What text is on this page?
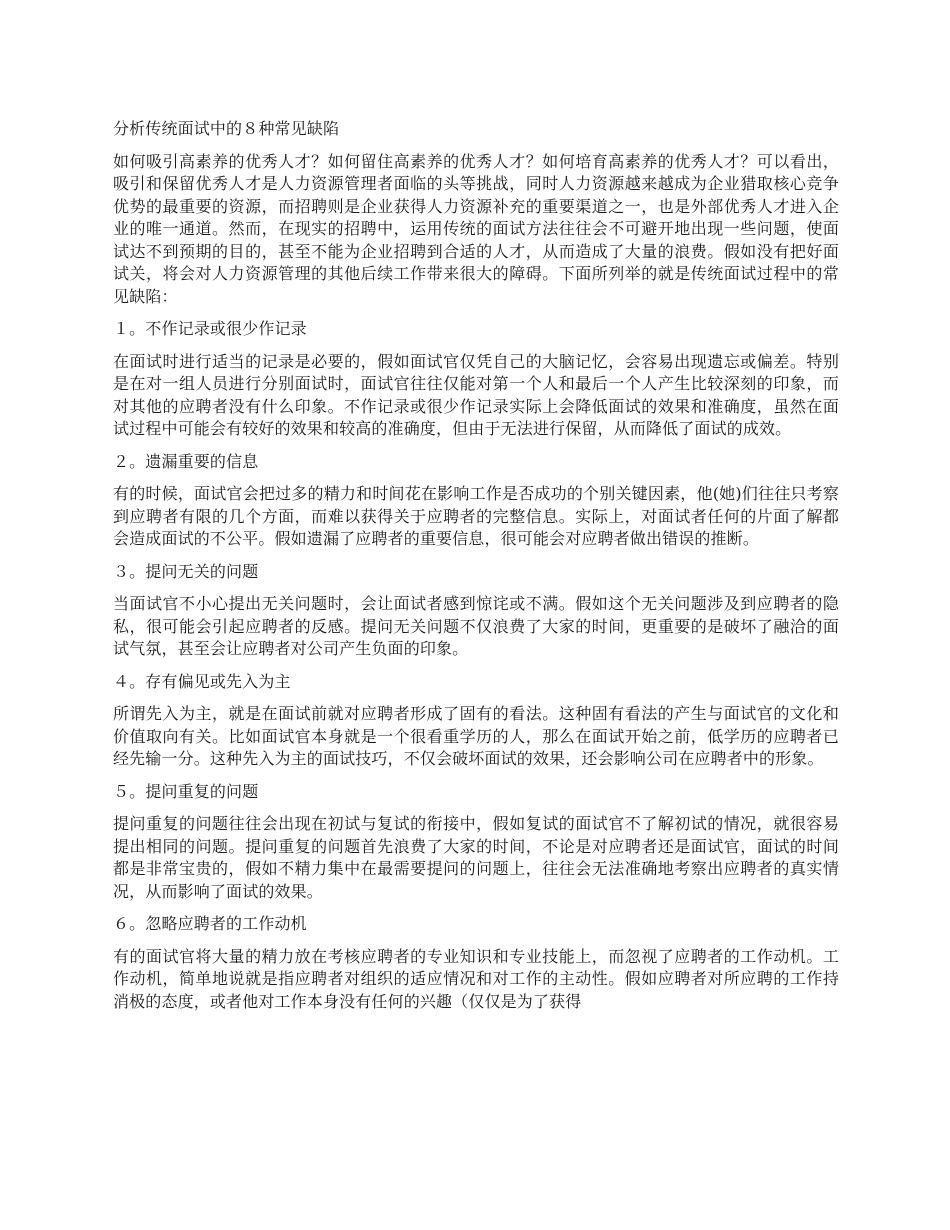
分析传统面试中的８种常见缺陷

如何吸引高素养的优秀人才？如何留住高素养的优秀人才？如何培育高素养的优秀人才？可以看出，吸引和保留优秀人才是人力资源管理者面临的头等挑战，同时人力资源越来越成为企业猎取核心竞争优势的最重要的资源，而招聘则是企业获得人力资源补充的重要渠道之一，也是外部优秀人才进入企业的唯一通道。然而，在现实的招聘中，运用传统的面试方法往往会不可避开地出现一些问题，使面试达不到预期的目的，甚至不能为企业招聘到合适的人才，从而造成了大量的浪费。假如没有把好面试关，将会对人力资源管理的其他后续工作带来很大的障碍。下面所列举的就是传统面试过程中的常见缺陷：

１。不作记录或很少作记录

在面试时进行适当的记录是必要的，假如面试官仅凭自己的大脑记忆，会容易出现遗忘或偏差。特别是在对一组人员进行分别面试时，面试官往往仅能对第一个人和最后一个人产生比较深刻的印象，而对其他的应聘者没有什么印象。不作记录或很少作记录实际上会降低面试的效果和准确度，虽然在面试过程中可能会有较好的效果和较高的准确度，但由于无法进行保留，从而降低了面试的成效。

２。遗漏重要的信息

有的时候，面试官会把过多的精力和时间花在影响工作是否成功的个别关键因素，他(她)们往往只考察到应聘者有限的几个方面，而难以获得关于应聘者的完整信息。实际上，对面试者任何的片面了解都会造成面试的不公平。假如遗漏了应聘者的重要信息，很可能会对应聘者做出错误的推断。

３。提问无关的问题

当面试官不小心提出无关问题时，会让面试者感到惊诧或不满。假如这个无关问题涉及到应聘者的隐私，很可能会引起应聘者的反感。提问无关问题不仅浪费了大家的时间，更重要的是破坏了融洽的面试气氛，甚至会让应聘者对公司产生负面的印象。

４。存有偏见或先入为主

所谓先入为主，就是在面试前就对应聘者形成了固有的看法。这种固有看法的产生与面试官的文化和价值取向有关。比如面试官本身就是一个很看重学历的人，那么在面试开始之前，低学历的应聘者已经先输一分。这种先入为主的面试技巧，不仅会破坏面试的效果，还会影响公司在应聘者中的形象。

５。提问重复的问题

提问重复的问题往往会出现在初试与复试的衔接中，假如复试的面试官不了解初试的情况，就很容易提出相同的问题。提问重复的问题首先浪费了大家的时间，不论是对应聘者还是面试官，面试的时间都是非常宝贵的，假如不精力集中在最需要提问的问题上，往往会无法准确地考察出应聘者的真实情况，从而影响了面试的效果。

６。忽略应聘者的工作动机

有的面试官将大量的精力放在考核应聘者的专业知识和专业技能上，而忽视了应聘者的工作动机。工作动机，简单地说就是指应聘者对组织的适应情况和对工作的主动性。假如应聘者对所应聘的工作持消极的态度，或者他对工作本身没有任何的兴趣（仅仅是为了获得
